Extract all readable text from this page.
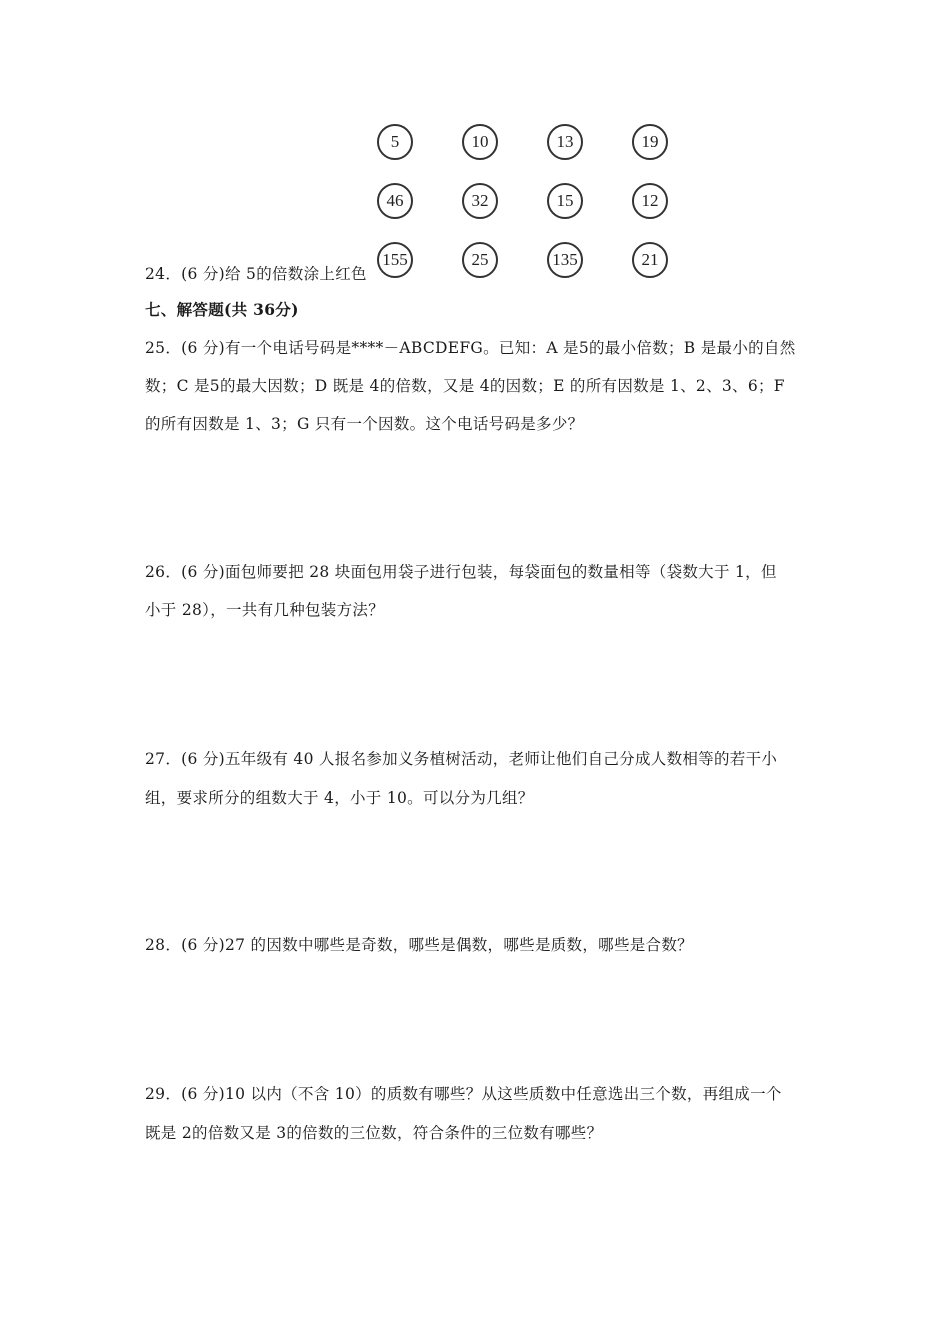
5	10	13	19
46	32	15	12
155	25	135	21
24．(6 分)给 5的倍数涂上红色
七、解答题(共 36分)
25．(6 分)有一个电话号码是****－ABCDEFG。已知：A 是5的最小倍数；B 是最小的自然
数；C 是5的最大因数；D 既是 4的倍数，又是 4的因数；E 的所有因数是 1、2、3、6；F
的所有因数是 1、3；G 只有一个因数。这个电话号码是多少？
26．(6 分)面包师要把 28 块面包用袋子进行包装，每袋面包的数量相等（袋数大于 1，但
小于 28），一共有几种包装方法？
27．(6 分)五年级有 40 人报名参加义务植树活动，老师让他们自己分成人数相等的若干小
组，要求所分的组数大于 4，小于 10。可以分为几组？
28．(6 分)27 的因数中哪些是奇数，哪些是偶数，哪些是质数，哪些是合数？
29．(6 分)10 以内（不含 10）的质数有哪些？从这些质数中任意选出三个数，再组成一个
既是 2的倍数又是 3的倍数的三位数，符合条件的三位数有哪些？
